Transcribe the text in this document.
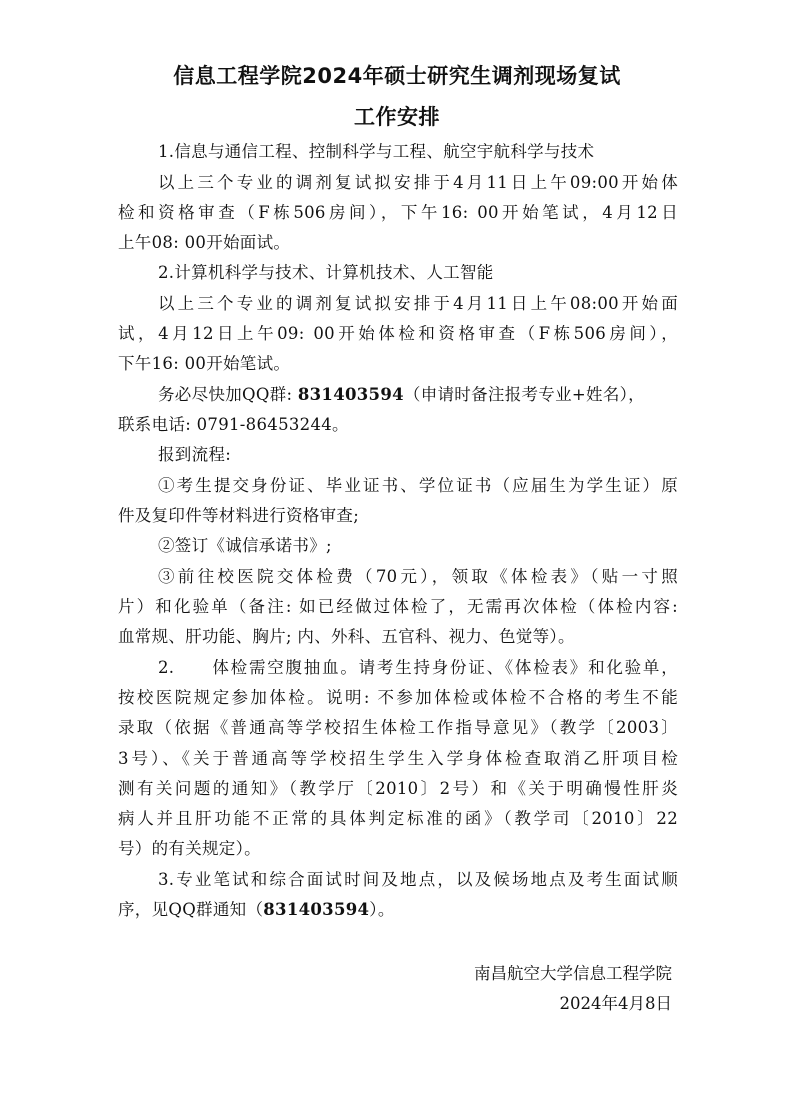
信息工程学院2024年硕士研究生调剂现场复试
工作安排
1.信息与通信工程、控制科学与工程、航空宇航科学与技术
以上三个专业的调剂复试拟安排于4月11日上午09:00开始体
检和资格审查（F栋506房间），下午16: 00开始笔试，4月12日
上午08: 00开始面试。
2.计算机科学与技术、计算机技术、人工智能
以上三个专业的调剂复试拟安排于4月11日上午08:00开始面
试，4月12日上午09: 00开始体检和资格审查（F栋506房间），
下午16: 00开始笔试。
务必尽快加QQ群: 831403594（申请时备注报考专业+姓名），
联系电话: 0791-86453244。
报到流程:
①考生提交身份证、毕业证书、学位证书（应届生为学生证）原
件及复印件等材料进行资格审查;
②签订《诚信承诺书》;
③前往校医院交体检费（70元），领取《体检表》（贴一寸照
片）和化验单（备注: 如已经做过体检了，无需再次体检（体检内容:
血常规、肝功能、胸片; 内、外科、五官科、视力、色觉等）。
2.　　体检需空腹抽血。请考生持身份证、《体检表》和化验单，
按校医院规定参加体检。说明: 不参加体检或体检不合格的考生不能
录取（依据《普通高等学校招生体检工作指导意见》（教学〔2003〕
3号）、《关于普通高等学校招生学生入学身体检查取消乙肝项目检
测有关问题的通知》（教学厅〔2010〕2号）和《关于明确慢性肝炎
病人并且肝功能不正常的具体判定标准的函》（教学司〔2010〕22
号）的有关规定）。
3.专业笔试和综合面试时间及地点，以及候场地点及考生面试顺
序，见QQ群通知（831403594）。
南昌航空大学信息工程学院
2024年4月8日
